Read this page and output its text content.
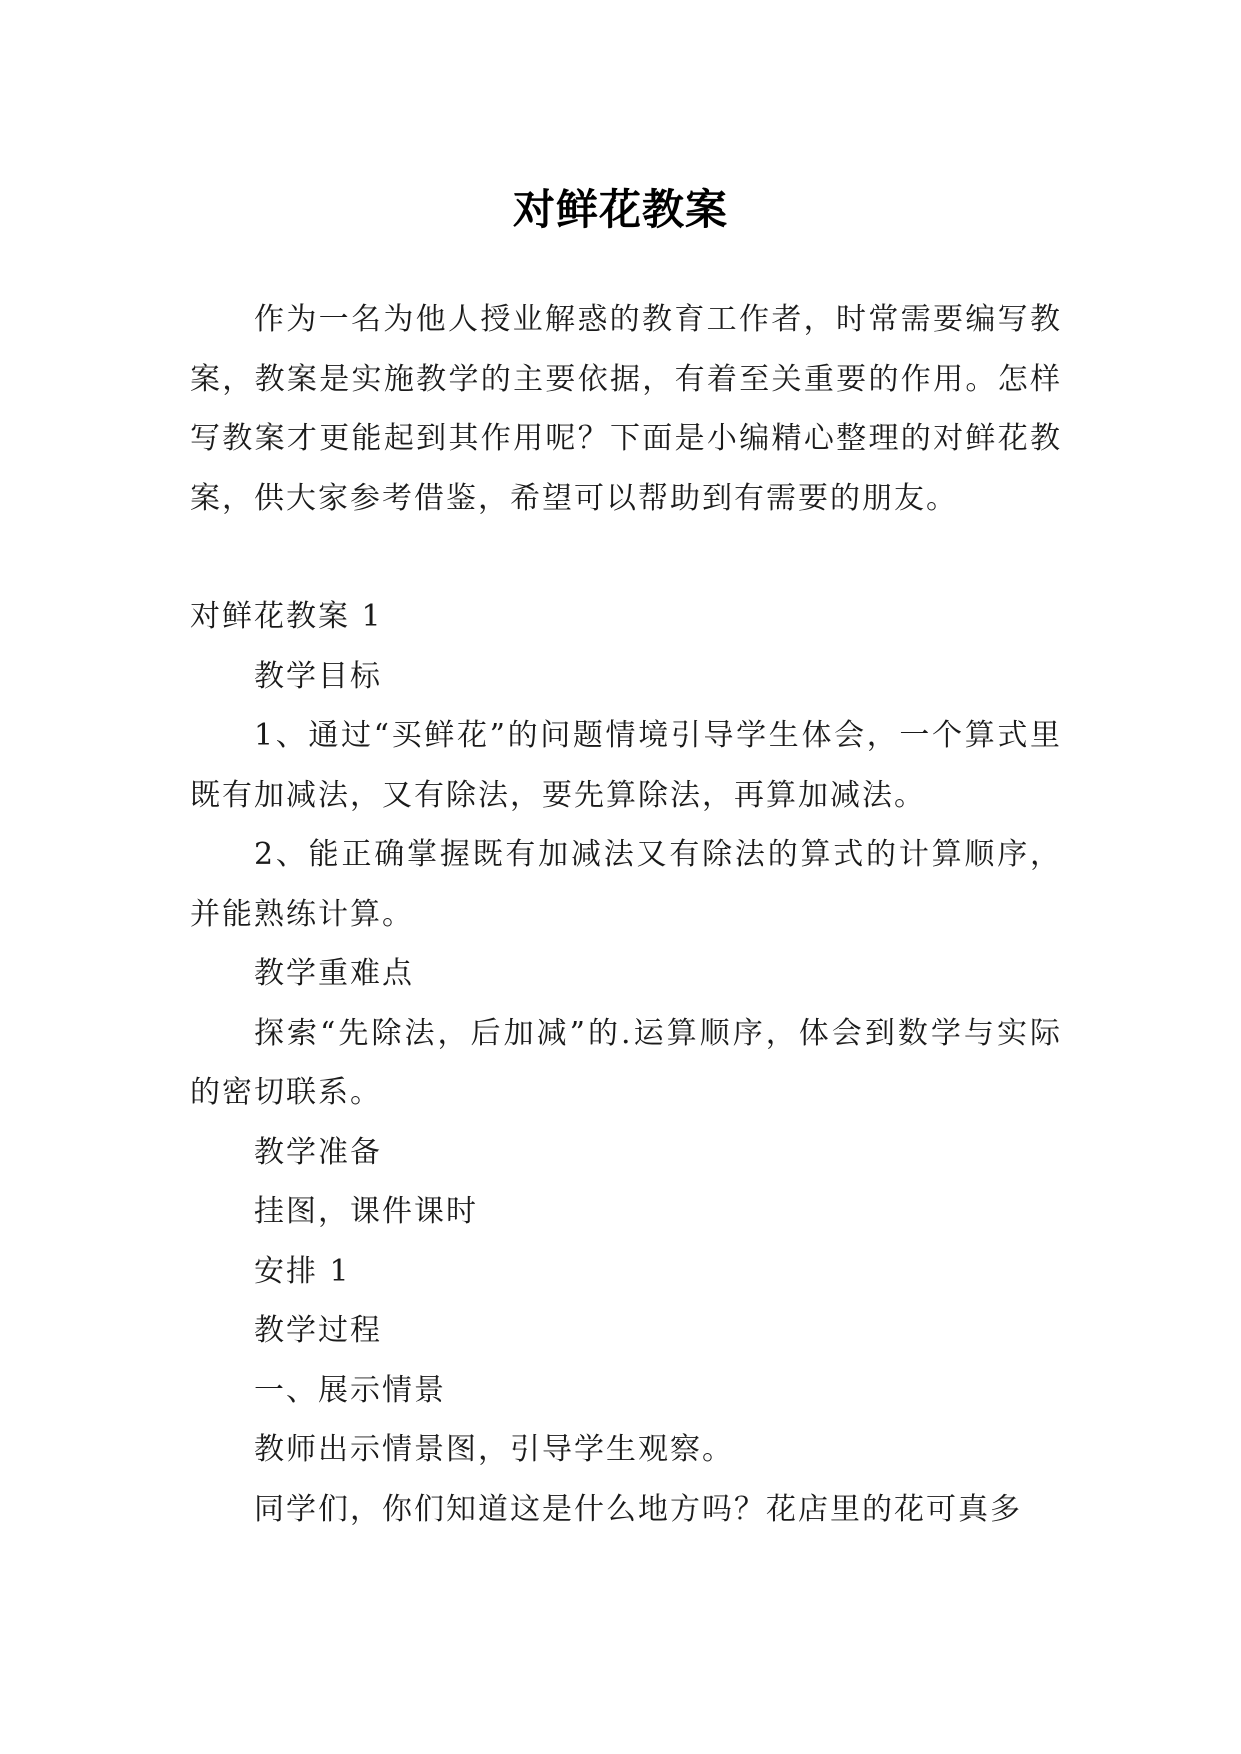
对鲜花教案

作为一名为他人授业解惑的教育工作者，时常需要编写教案，教案是实施教学的主要依据，有着至关重要的作用。怎样写教案才更能起到其作用呢？下面是小编精心整理的对鲜花教案，供大家参考借鉴，希望可以帮助到有需要的朋友。

对鲜花教案 1

教学目标

1、通过“买鲜花”的问题情境引导学生体会，一个算式里既有加减法，又有除法，要先算除法，再算加减法。

2、能正确掌握既有加减法又有除法的算式的计算顺序，并能熟练计算。

教学重难点

探索“先除法，后加减”的.运算顺序，体会到数学与实际的密切联系。

教学准备

挂图，课件课时

安排 1

教学过程

一、展示情景

教师出示情景图，引导学生观察。

同学们，你们知道这是什么地方吗？花店里的花可真多
